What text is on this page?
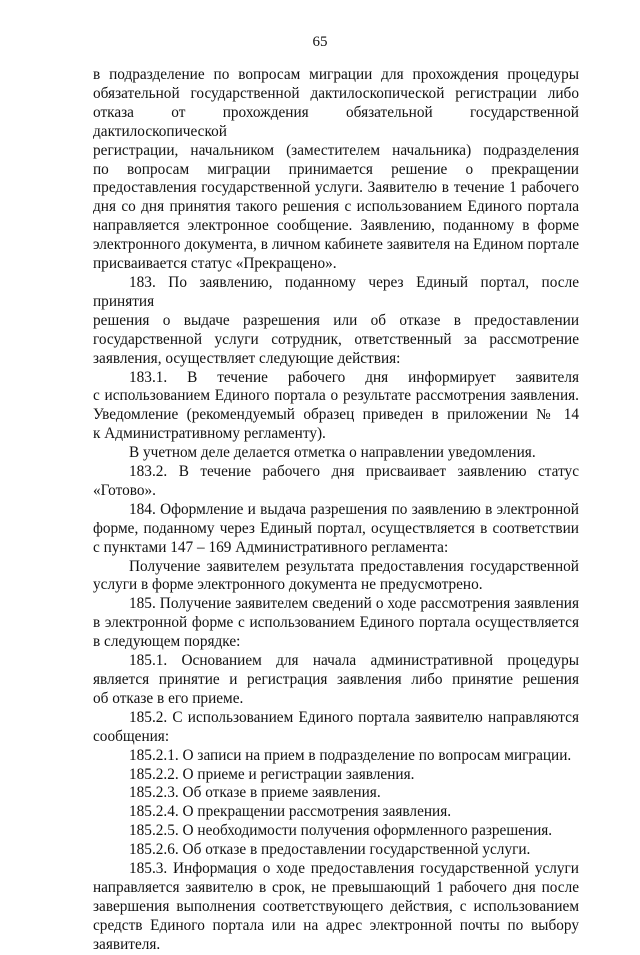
65
в подразделение по вопросам миграции для прохождения процедуры
обязательной государственной дактилоскопической регистрации либо
отказа от прохождения обязательной государственной дактилоскопической
регистрации, начальником (заместителем начальника) подразделения
по вопросам миграции принимается решение о прекращении
предоставления государственной услуги. Заявителю в течение 1 рабочего
дня со дня принятия такого решения с использованием Единого портала
направляется электронное сообщение. Заявлению, поданному в форме
электронного документа, в личном кабинете заявителя на Едином портале
присваивается статус «Прекращено».
183. По заявлению, поданному через Единый портал, после принятия
решения о выдаче разрешения или об отказе в предоставлении
государственной услуги сотрудник, ответственный за рассмотрение
заявления, осуществляет следующие действия:
183.1. В течение рабочего дня информирует заявителя
с использованием Единого портала о результате рассмотрения заявления.
Уведомление (рекомендуемый образец приведен в приложении № 14
к Административному регламенту).
В учетном деле делается отметка о направлении уведомления.
183.2. В течение рабочего дня присваивает заявлению статус
«Готово».
184. Оформление и выдача разрешения по заявлению в электронной
форме, поданному через Единый портал, осуществляется в соответствии
с пунктами 147 – 169 Административного регламента:
Получение заявителем результата предоставления государственной
услуги в форме электронного документа не предусмотрено.
185. Получение заявителем сведений о ходе рассмотрения заявления
в электронной форме с использованием Единого портала осуществляется
в следующем порядке:
185.1. Основанием для начала административной процедуры
является принятие и регистрация заявления либо принятие решения
об отказе в его приеме.
185.2. С использованием Единого портала заявителю направляются
сообщения:
185.2.1. О записи на прием в подразделение по вопросам миграции.
185.2.2. О приеме и регистрации заявления.
185.2.3. Об отказе в приеме заявления.
185.2.4. О прекращении рассмотрения заявления.
185.2.5. О необходимости получения оформленного разрешения.
185.2.6. Об отказе в предоставлении государственной услуги.
185.3. Информация о ходе предоставления государственной услуги
направляется заявителю в срок, не превышающий 1 рабочего дня после
завершения выполнения соответствующего действия, с использованием
средств Единого портала или на адрес электронной почты по выбору
заявителя.
